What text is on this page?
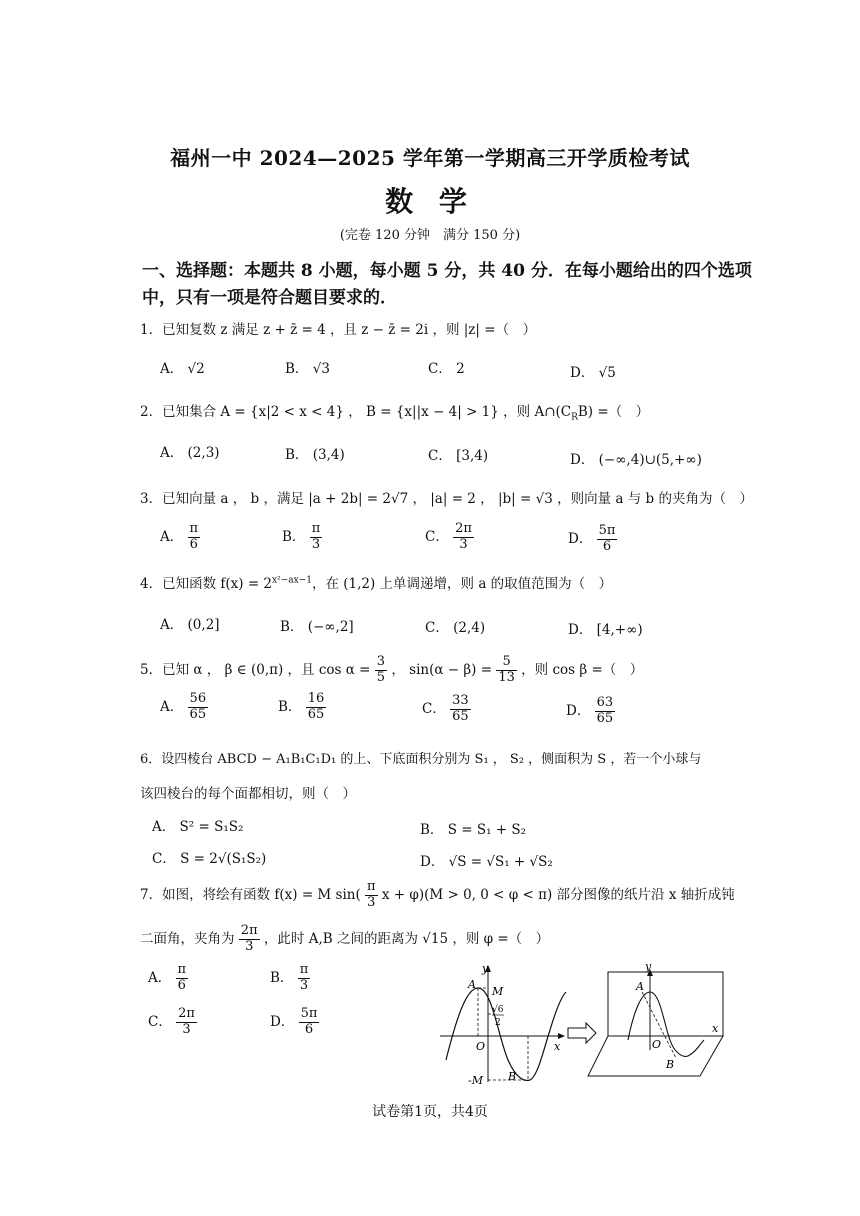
福州一中 2024—2025 学年第一学期高三开学质检考试
数 学
(完卷 120 分钟　满分 150 分)
一、选择题：本题共 8 小题，每小题 5 分，共 40 分．在每小题给出的四个选项
中，只有一项是符合题目要求的．
1．已知复数 z 满足 z + z̄ = 4 ，且 z − z̄ = 2i ，则 |z| =（　）
A． √2	B． √3	C． 2	D． √5
2．已知集合 A = {x|2 < x < 4} ， B = {x||x − 4| > 1} ，则 $A\cap(C_RB)$ =（　）
A． (2,3)	B． (3,4)	C． [3,4)	D． (−∞,4)∪(5,+∞)
3．已知向量 a ， b ，满足 |a + 2b| = 2√7 ， |a| = 2 ， |b| = √3 ，则向量 a 与 b 的夹角为（　）
A． $\frac{\pi}{6}$	B． $\frac{\pi}{3}$	C． $\frac{2\pi}{3}$	D． $\frac{5\pi}{6}$
4．已知函数 $f(x) = 2^{x^2-ax-1}$，在 (1,2) 上单调递增，则 a 的取值范围为（　）
A． (0,2]	B． (−∞,2]	C． (2,4)	D． [4,+∞)
5．已知 α ， β ∈ (0,π) ，且 $\cos \alpha = \frac{3}{5}$ ， $\sin(\alpha - \beta) = \frac{5}{13}$ ，则 cos β =（　）
A． $\frac{56}{65}$	B． $\frac{16}{65}$	C． $\frac{33}{65}$	D． $\frac{63}{65}$
6．设四棱台 ABCD − A₁B₁C₁D₁ 的上、下底面积分别为 S₁ ， S₂ ，侧面积为 S ，若一个小球与
该四棱台的每个面都相切，则（　）
A． S² = S₁S₂	B． S = S₁ + S₂
C． S = 2√(S₁S₂)	D． √S = √S₁ + √S₂
7．如图，将绘有函数 f(x) = M $\sin( \frac{\pi}{3}$ x + φ)(M > 0, 0 < φ < π) 部分图像的纸片沿 x 轴折成钝
二面角，夹角为 $\frac{2\pi}{3}$ ，此时 A,B 之间的距离为 √15 ，则 φ =（　）
A． $\frac{\pi}{6}$	B． $\frac{\pi}{3}$
C． $\frac{2\pi}{3}$	D． $\frac{5\pi}{6}$
y
A
M
√6
2
O	x
-M B
y
A
O
B
x
试卷第1页，共4页
